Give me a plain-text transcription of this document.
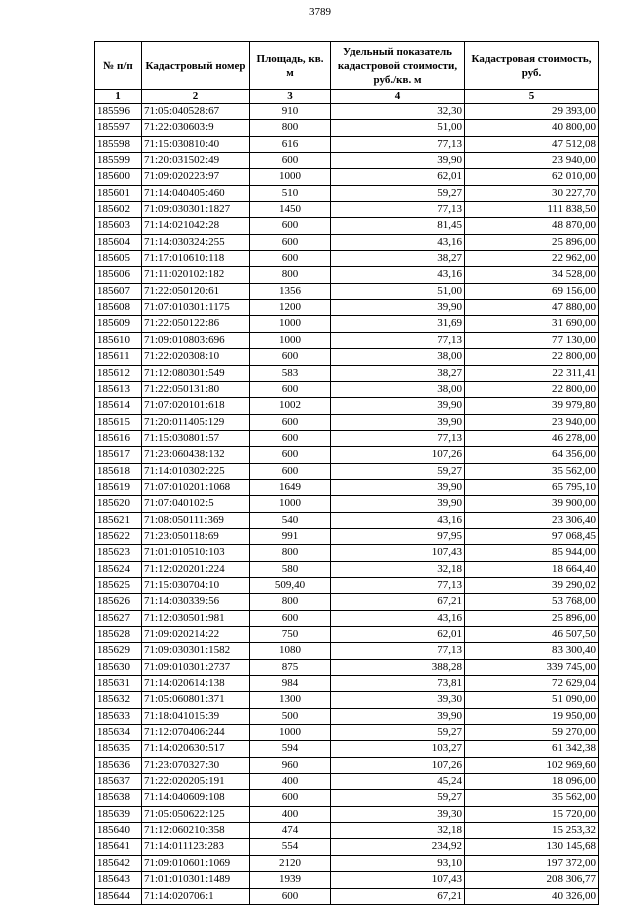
3789
№ п/п	Кадастровый номер	Площадь, кв. м	Удельный показатель кадастровой стоимости, руб./кв. м	Кадастровая стоимость, руб.
1	2	3	4	5
185596	71:05:040528:67	910	32,30	29 393,00
185597	71:22:030603:9	800	51,00	40 800,00
185598	71:15:030810:40	616	77,13	47 512,08
185599	71:20:031502:49	600	39,90	23 940,00
185600	71:09:020223:97	1000	62,01	62 010,00
185601	71:14:040405:460	510	59,27	30 227,70
185602	71:09:030301:1827	1450	77,13	111 838,50
185603	71:14:021042:28	600	81,45	48 870,00
185604	71:14:030324:255	600	43,16	25 896,00
185605	71:17:010610:118	600	38,27	22 962,00
185606	71:11:020102:182	800	43,16	34 528,00
185607	71:22:050120:61	1356	51,00	69 156,00
185608	71:07:010301:1175	1200	39,90	47 880,00
185609	71:22:050122:86	1000	31,69	31 690,00
185610	71:09:010803:696	1000	77,13	77 130,00
185611	71:22:020308:10	600	38,00	22 800,00
185612	71:12:080301:549	583	38,27	22 311,41
185613	71:22:050131:80	600	38,00	22 800,00
185614	71:07:020101:618	1002	39,90	39 979,80
185615	71:20:011405:129	600	39,90	23 940,00
185616	71:15:030801:57	600	77,13	46 278,00
185617	71:23:060438:132	600	107,26	64 356,00
185618	71:14:010302:225	600	59,27	35 562,00
185619	71:07:010201:1068	1649	39,90	65 795,10
185620	71:07:040102:5	1000	39,90	39 900,00
185621	71:08:050111:369	540	43,16	23 306,40
185622	71:23:050118:69	991	97,95	97 068,45
185623	71:01:010510:103	800	107,43	85 944,00
185624	71:12:020201:224	580	32,18	18 664,40
185625	71:15:030704:10	509,40	77,13	39 290,02
185626	71:14:030339:56	800	67,21	53 768,00
185627	71:12:030501:981	600	43,16	25 896,00
185628	71:09:020214:22	750	62,01	46 507,50
185629	71:09:030301:1582	1080	77,13	83 300,40
185630	71:09:010301:2737	875	388,28	339 745,00
185631	71:14:020614:138	984	73,81	72 629,04
185632	71:05:060801:371	1300	39,30	51 090,00
185633	71:18:041015:39	500	39,90	19 950,00
185634	71:12:070406:244	1000	59,27	59 270,00
185635	71:14:020630:517	594	103,27	61 342,38
185636	71:23:070327:30	960	107,26	102 969,60
185637	71:22:020205:191	400	45,24	18 096,00
185638	71:14:040609:108	600	59,27	35 562,00
185639	71:05:050622:125	400	39,30	15 720,00
185640	71:12:060210:358	474	32,18	15 253,32
185641	71:14:011123:283	554	234,92	130 145,68
185642	71:09:010601:1069	2120	93,10	197 372,00
185643	71:01:010301:1489	1939	107,43	208 306,77
185644	71:14:020706:1	600	67,21	40 326,00
